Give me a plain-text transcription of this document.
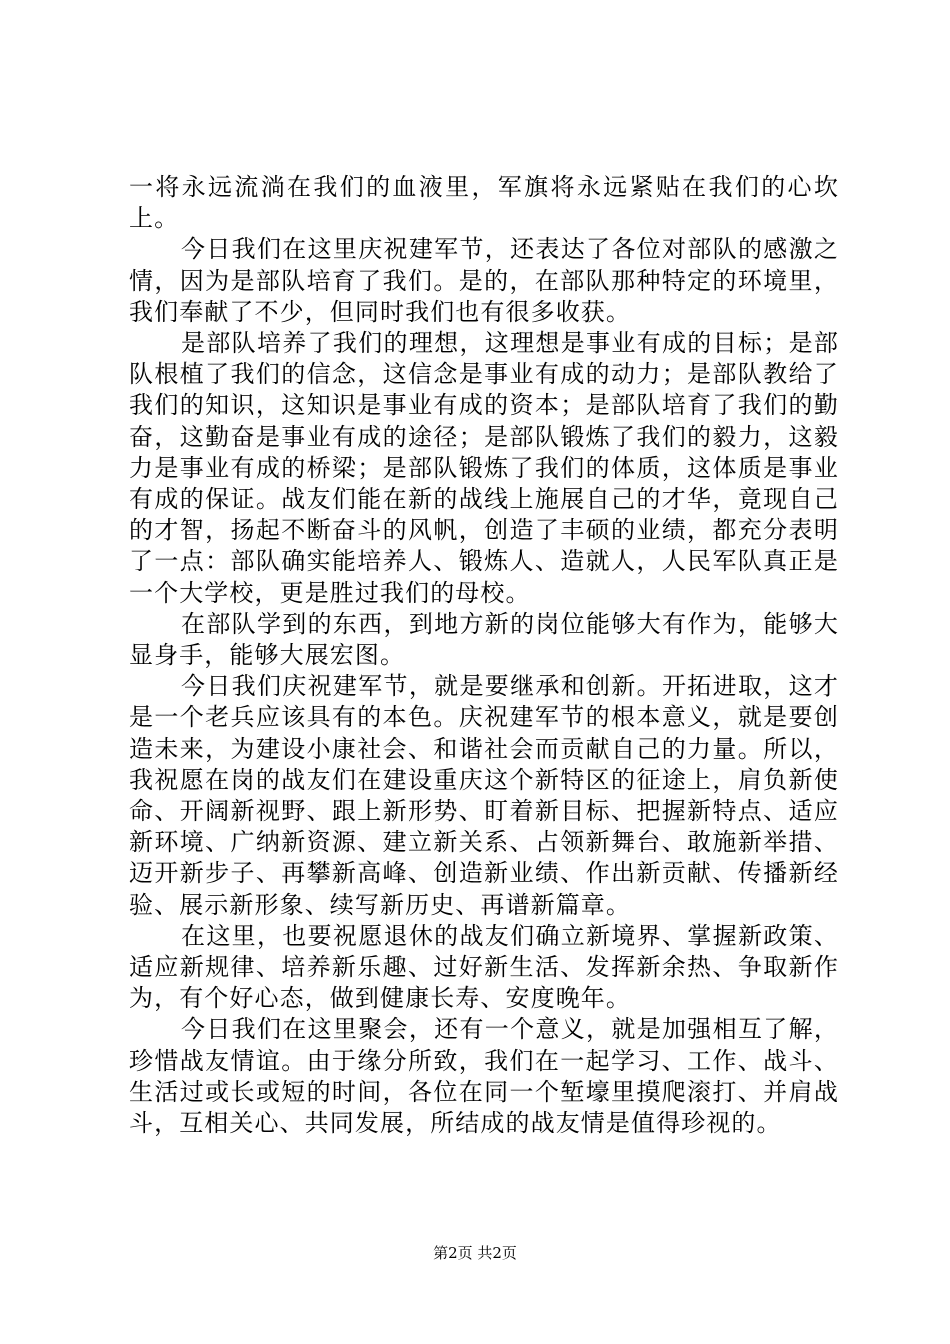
一将永远流淌在我们的血液里，军旗将永远紧贴在我们的心坎上。

今日我们在这里庆祝建军节，还表达了各位对部队的感激之情，因为是部队培育了我们。是的，在部队那种特定的环境里，我们奉献了不少，但同时我们也有很多收获。

是部队培养了我们的理想，这理想是事业有成的目标；是部队根植了我们的信念，这信念是事业有成的动力；是部队教给了我们的知识，这知识是事业有成的资本；是部队培育了我们的勤奋，这勤奋是事业有成的途径；是部队锻炼了我们的毅力，这毅力是事业有成的桥梁；是部队锻炼了我们的体质，这体质是事业有成的保证。战友们能在新的战线上施展自己的才华，竟现自己的才智，扬起不断奋斗的风帆，创造了丰硕的业绩，都充分表明了一点：部队确实能培养人、锻炼人、造就人，人民军队真正是一个大学校，更是胜过我们的母校。

在部队学到的东西，到地方新的岗位能够大有作为，能够大显身手，能够大展宏图。

今日我们庆祝建军节，就是要继承和创新。开拓进取，这才是一个老兵应该具有的本色。庆祝建军节的根本意义，就是要创造未来，为建设小康社会、和谐社会而贡献自己的力量。所以，我祝愿在岗的战友们在建设重庆这个新特区的征途上，肩负新使命、开阔新视野、跟上新形势、盯着新目标、把握新特点、适应新环境、广纳新资源、建立新关系、占领新舞台、敢施新举措、迈开新步子、再攀新高峰、创造新业绩、作出新贡献、传播新经验、展示新形象、续写新历史、再谱新篇章。

在这里，也要祝愿退休的战友们确立新境界、掌握新政策、适应新规律、培养新乐趣、过好新生活、发挥新余热、争取新作为，有个好心态，做到健康长寿、安度晚年。

今日我们在这里聚会，还有一个意义，就是加强相互了解，珍惜战友情谊。由于缘分所致，我们在一起学习、工作、战斗、生活过或长或短的时间，各位在同一个堑壕里摸爬滚打、并肩战斗，互相关心、共同发展，所结成的战友情是值得珍视的。

第2页 共2页
